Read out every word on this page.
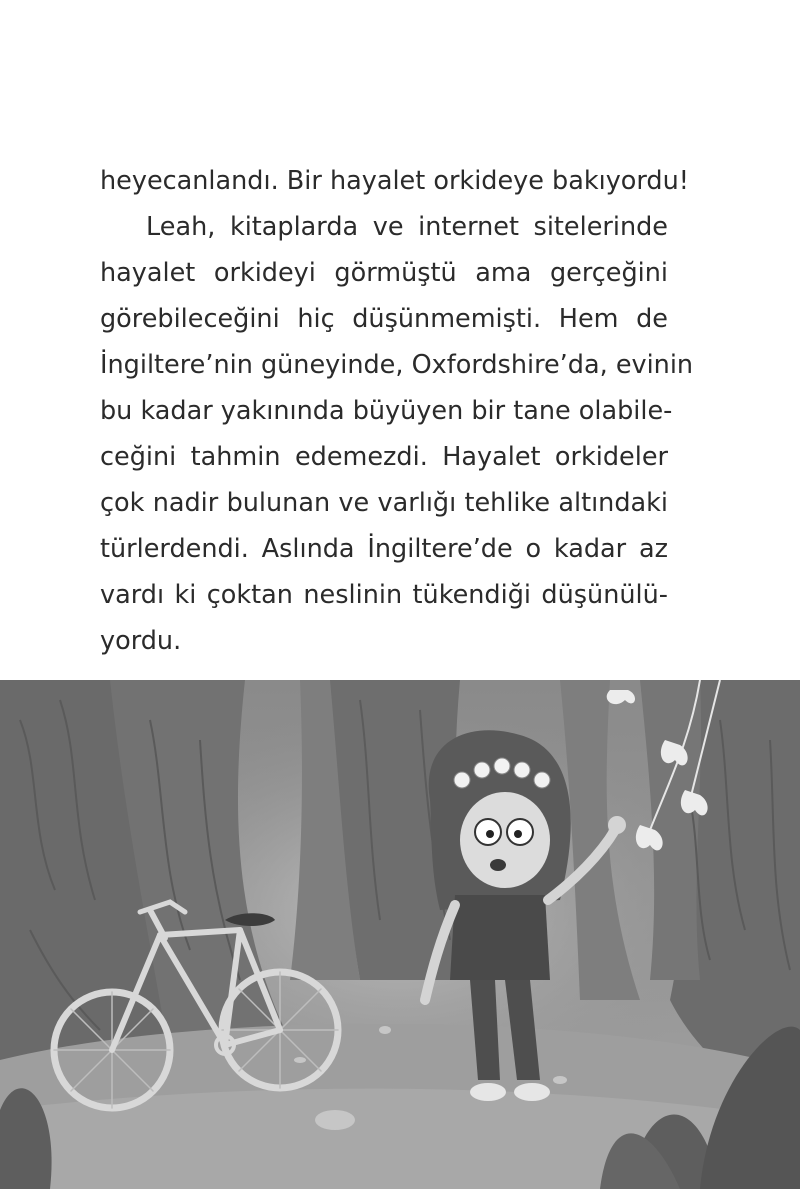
heyecanlandı. Bir hayalet orkideye bakıyordu!
Leah, kitaplarda ve internet sitelerinde
hayalet orkideyi görmüştü ama gerçeğini
görebileceğini hiç düşünmemişti. Hem de
İngiltere’nin güneyinde, Oxfordshire’da, evinin
bu kadar yakınında büyüyen bir tane olabile-
ceğini tahmin edemezdi. Hayalet orkideler
çok nadir bulunan ve varlığı tehlike altındaki
türlerdendi. Aslında İngiltere’de o kadar az
vardı ki çoktan neslinin tükendiği düşünülü-
yordu.
